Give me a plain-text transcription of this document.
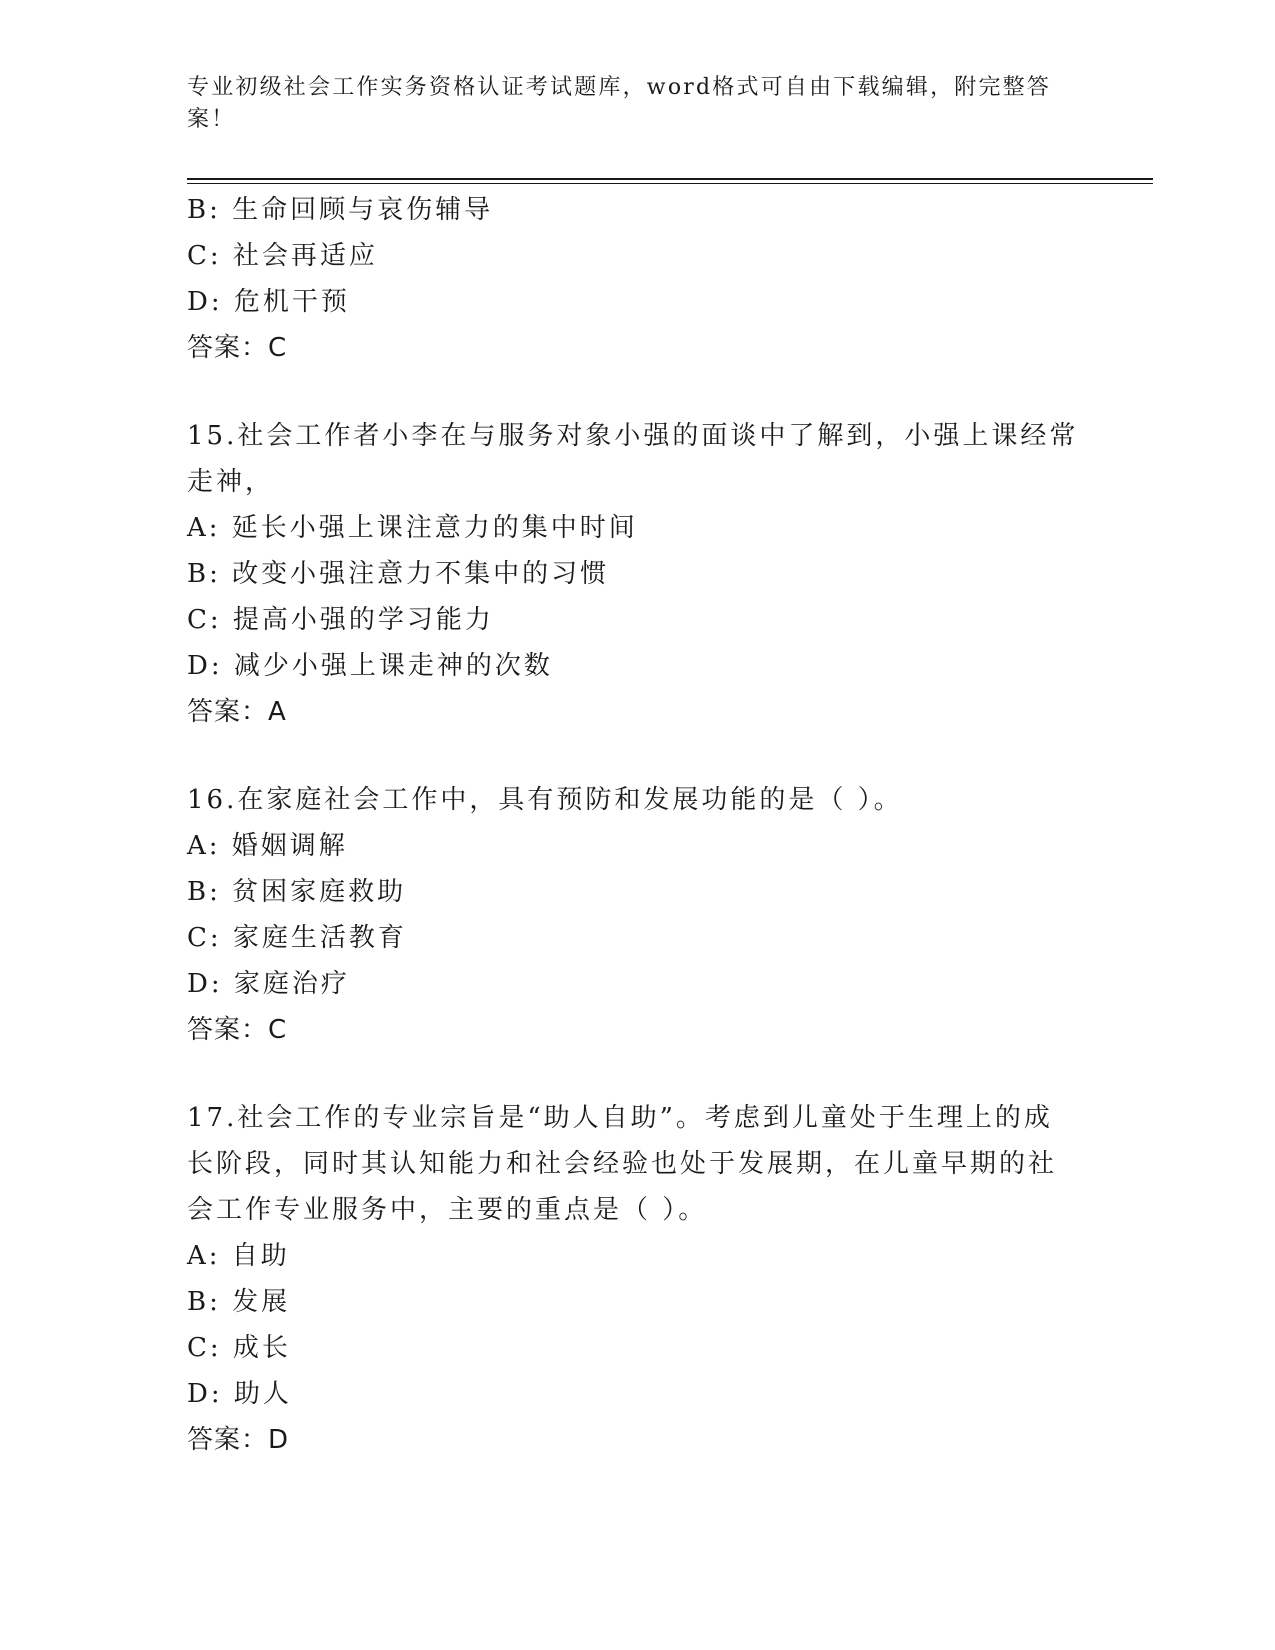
专业初级社会工作实务资格认证考试题库，word格式可自由下载编辑，附完整答
案！
B: 生命回顾与哀伤辅导
C: 社会再适应
D: 危机干预
答案：C
15.社会工作者小李在与服务对象小强的面谈中了解到，小强上课经常
走神，
A: 延长小强上课注意力的集中时间
B: 改变小强注意力不集中的习惯
C: 提高小强的学习能力
D: 减少小强上课走神的次数
答案：A
16.在家庭社会工作中，具有预防和发展功能的是（ ）。
A: 婚姻调解
B: 贫困家庭救助
C: 家庭生活教育
D: 家庭治疗
答案：C
17.社会工作的专业宗旨是“助人自助”。考虑到儿童处于生理上的成
长阶段，同时其认知能力和社会经验也处于发展期，在儿童早期的社
会工作专业服务中，主要的重点是（ ）。
A: 自助
B: 发展
C: 成长
D: 助人
答案：D
